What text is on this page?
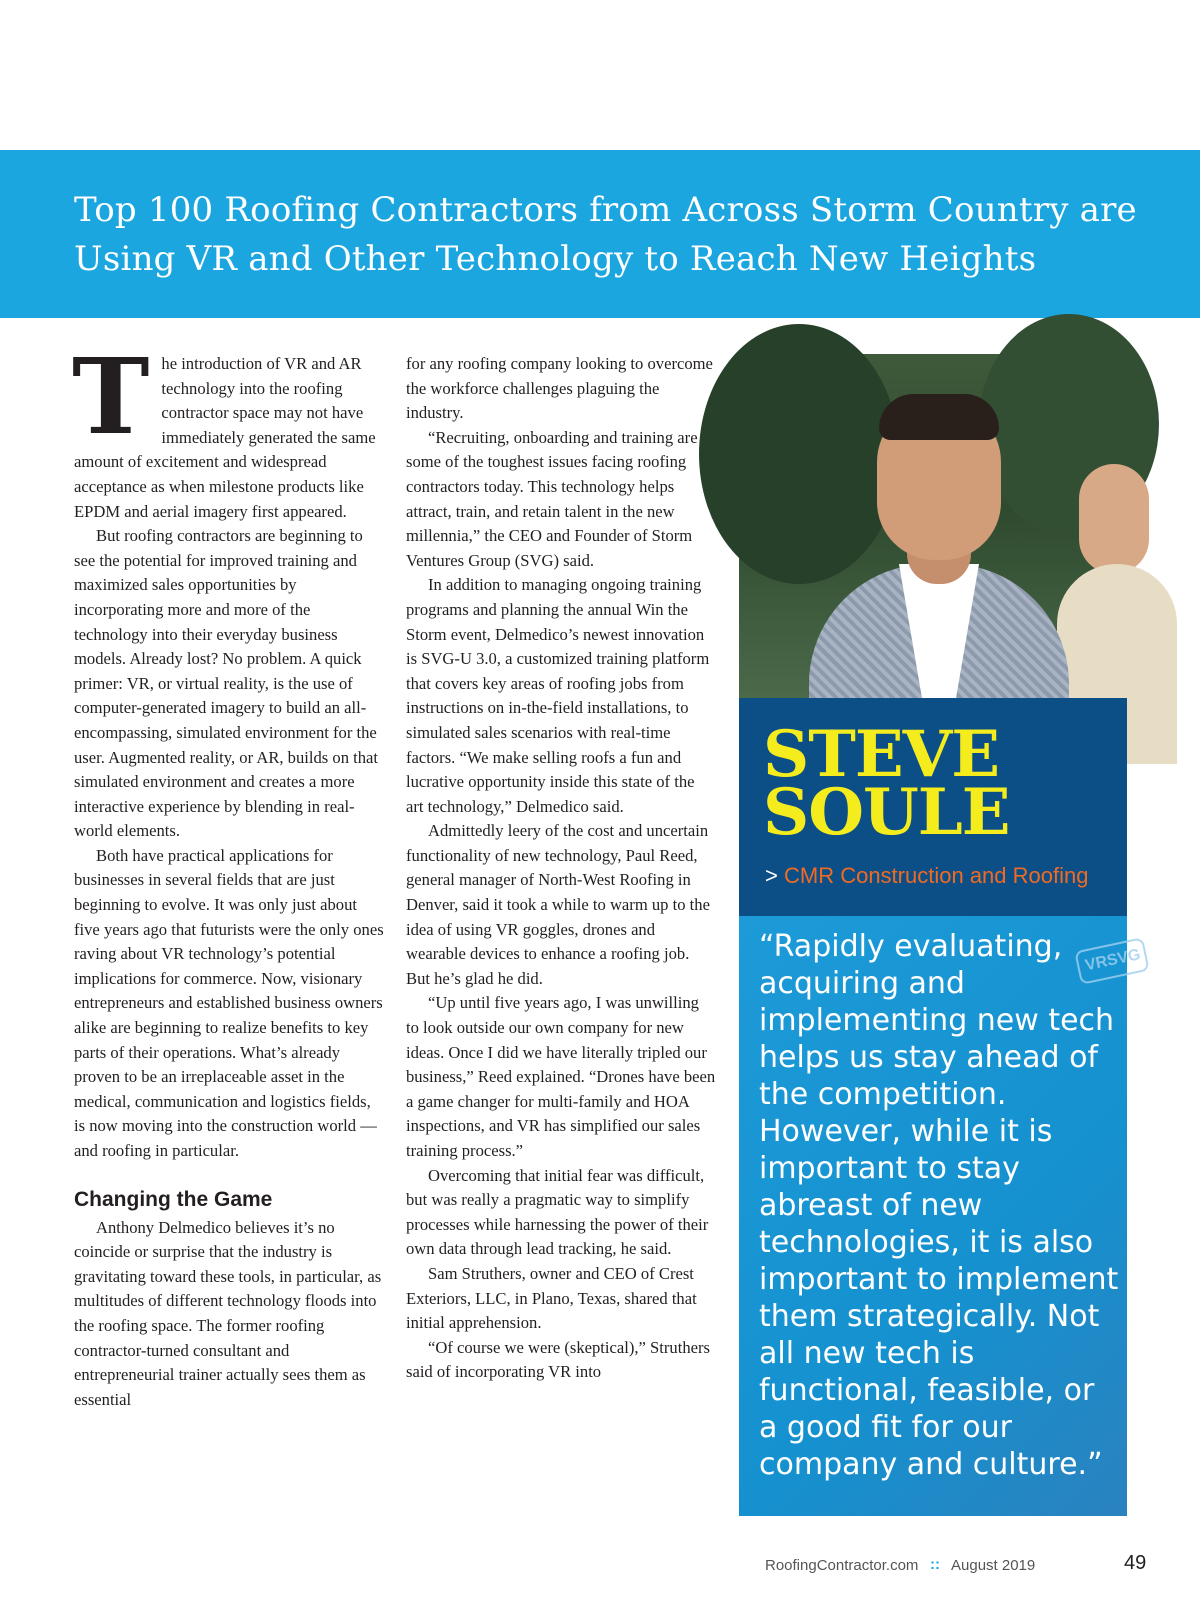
Top 100 Roofing Contractors from Across Storm Country are Using VR and Other Technology to Reach New Heights
T he introduction of VR and AR technology into the roofing contractor space may not have immediately generated the same amount of excitement and widespread acceptance as when milestone products like EPDM and aerial imagery first appeared.

But roofing contractors are beginning to see the potential for improved training and maximized sales opportunities by incorporating more and more of the technology into their everyday business models. Already lost? No problem. A quick primer: VR, or virtual reality, is the use of computer-generated imagery to build an all-encompassing, simulated environment for the user. Augmented reality, or AR, builds on that simulated environment and creates a more interactive experience by blending in real-world elements.

Both have practical applications for businesses in several fields that are just beginning to evolve. It was only just about five years ago that futurists were the only ones raving about VR technology’s potential implications for commerce. Now, visionary entrepreneurs and established business owners alike are beginning to realize benefits to key parts of their operations. What’s already proven to be an irreplaceable asset in the medical, communication and logistics fields, is now moving into the construction world — and roofing in particular.

Changing the Game

Anthony Delmedico believes it’s no coincide or surprise that the industry is gravitating toward these tools, in particular, as multitudes of different technology floods into the roofing space. The former roofing contractor-turned consultant and entrepreneurial trainer actually sees them as essential

for any roofing company looking to overcome the workforce challenges plaguing the industry.

“Recruiting, onboarding and training are some of the toughest issues facing roofing contractors today. This technology helps attract, train, and retain talent in the new millennia,” the CEO and Founder of Storm Ventures Group (SVG) said.

In addition to managing ongoing training programs and planning the annual Win the Storm event, Delmedico’s newest innovation is SVG-U 3.0, a customized training platform that covers key areas of roofing jobs from instructions on in-the-field installations, to simulated sales scenarios with real-time factors. “We make selling roofs a fun and lucrative opportunity inside this state of the art technology,” Delmedico said.

Admittedly leery of the cost and uncertain functionality of new technology, Paul Reed, general manager of North-West Roofing in Denver, said it took a while to warm up to the idea of using VR goggles, drones and wearable devices to enhance a roofing job. But he’s glad he did.

“Up until five years ago, I was unwilling to look outside our own company for new ideas. Once I did we have literally tripled our business,” Reed explained. “Drones have been a game changer for multi-family and HOA inspections, and VR has simplified our sales training process.”

Overcoming that initial fear was difficult, but was really a pragmatic way to simplify processes while harnessing the power of their own data through lead tracking, he said.

Sam Struthers, owner and CEO of Crest Exteriors, LLC, in Plano, Texas, shared that initial apprehension.

“Of course we were (skeptical),” Struthers said of incorporating VR into

STEVE
SOULE
> CMR Construction and Roofing
VRSVG

“Rapidly evaluating, acquiring and implementing new tech helps us stay ahead of the competition. However, while it is important to stay abreast of new technologies, it is also important to implement them strategically. Not all new tech is functional, feasible, or a good fit for our company and culture.”

RoofingContractor.com :: August 2019	49
